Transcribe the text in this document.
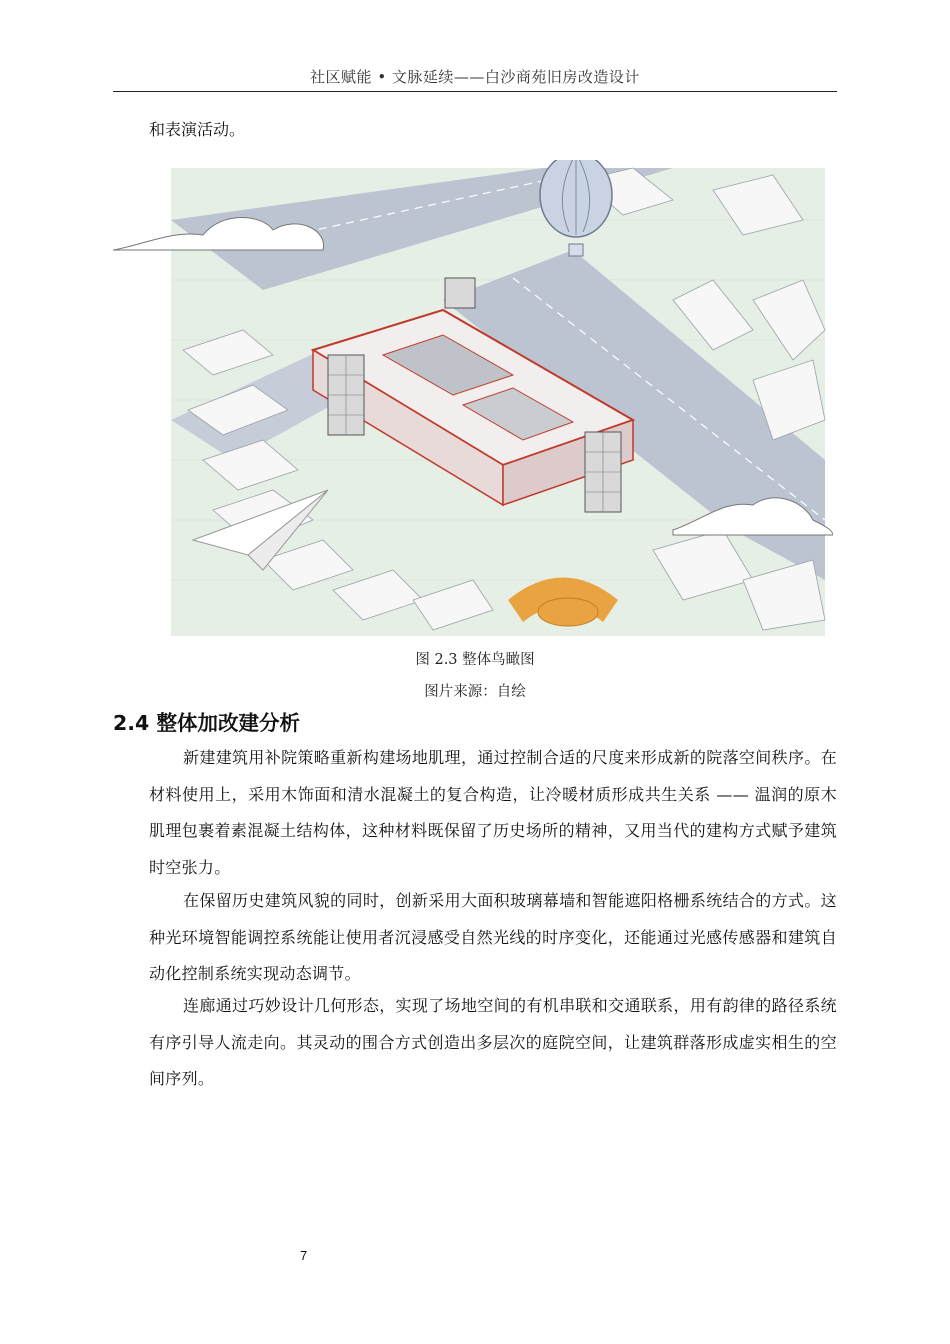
社区赋能 • 文脉延续——白沙商苑旧房改造设计
和表演活动。
图 2.3 整体鸟瞰图
图片来源：自绘
2.4 整体加改建分析
新建建筑用补院策略重新构建场地肌理，通过控制合适的尺度来形成新的院落空间秩序。在材料使用上，采用木饰面和清水混凝土的复合构造，让冷暖材质形成共生关系 —— 温润的原木肌理包裹着素混凝土结构体，这种材料既保留了历史场所的精神，又用当代的建构方式赋予建筑时空张力。
在保留历史建筑风貌的同时，创新采用大面积玻璃幕墙和智能遮阳格栅系统结合的方式。这种光环境智能调控系统能让使用者沉浸感受自然光线的时序变化，还能通过光感传感器和建筑自动化控制系统实现动态调节。
连廊通过巧妙设计几何形态，实现了场地空间的有机串联和交通联系，用有韵律的路径系统有序引导人流走向。其灵动的围合方式创造出多层次的庭院空间，让建筑群落形成虚实相生的空间序列。
7
